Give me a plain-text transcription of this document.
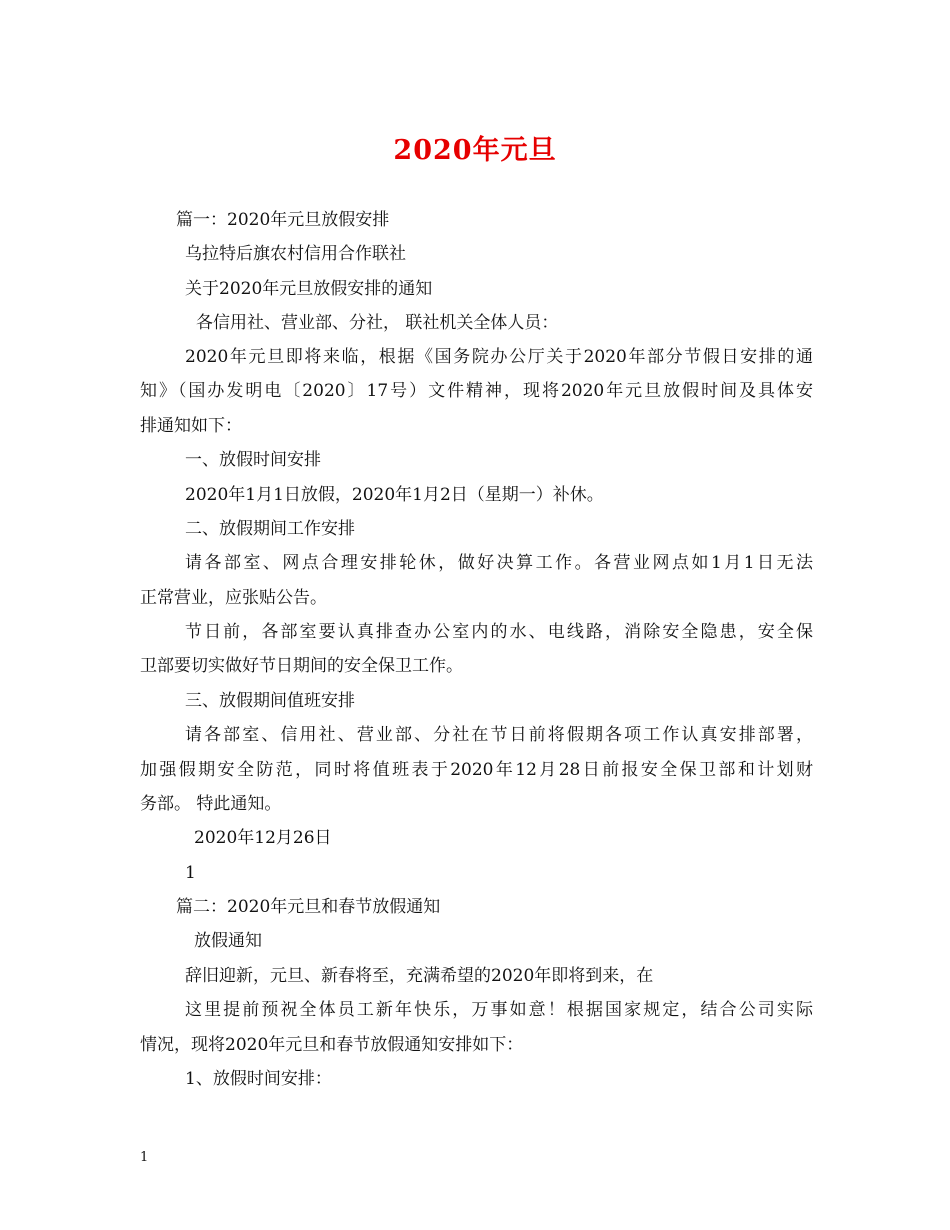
2020年元旦
篇一：2020年元旦放假安排
乌拉特后旗农村信用合作联社
关于2020年元旦放假安排的通知
各信用社、营业部、分社， 联社机关全体人员：
2020年元旦即将来临，根据《国务院办公厅关于2020年部分节假日安排的通
知》（国办发明电〔2020〕17号）文件精神，现将2020年元旦放假时间及具体安
排通知如下：
一、放假时间安排
2020年1月1日放假，2020年1月2日（星期一）补休。
二、放假期间工作安排
请各部室、网点合理安排轮休，做好决算工作。各营业网点如1月1日无法
正常营业，应张贴公告。
节日前，各部室要认真排查办公室内的水、电线路，消除安全隐患，安全保
卫部要切实做好节日期间的安全保卫工作。
三、放假期间值班安排
请各部室、信用社、营业部、分社在节日前将假期各项工作认真安排部署，
加强假期安全防范，同时将值班表于2020年12月28日前报安全保卫部和计划财
务部。 特此通知。
2020年12月26日
1
篇二：2020年元旦和春节放假通知
放假通知
辞旧迎新，元旦、新春将至，充满希望的2020年即将到来，在
这里提前预祝全体员工新年快乐，万事如意！根据国家规定，结合公司实际
情况，现将2020年元旦和春节放假通知安排如下：
1、放假时间安排：
1
